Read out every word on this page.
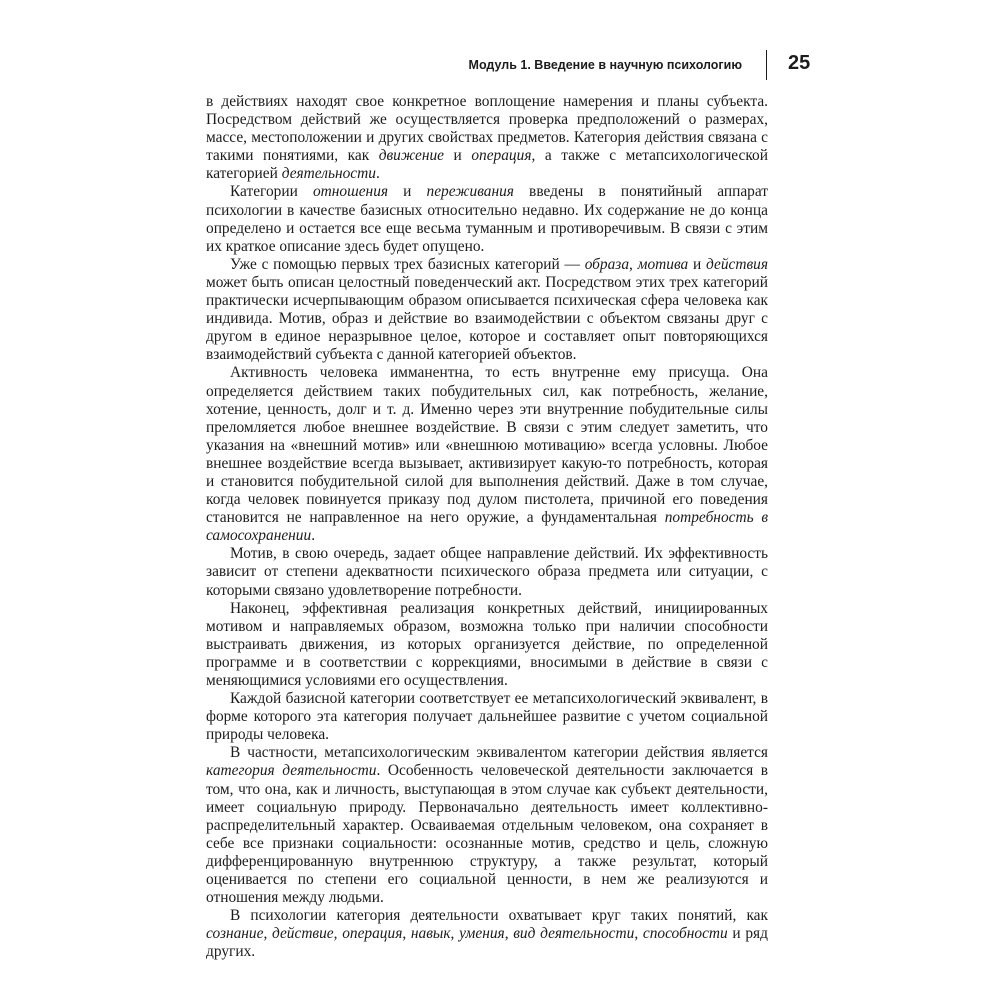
Модуль 1. Введение в научную психологию 25

в действиях находят свое конкретное воплощение намерения и планы субъекта. Посредством действий же осуществляется проверка предположений о размерах, массе, местоположении и других свойствах предметов. Категория действия связана с такими понятиями, как движение и операция, а также с метапсихологической категорией деятельности.

Категории отношения и переживания введены в понятийный аппарат психологии в качестве базисных относительно недавно. Их содержание не до конца определено и остается все еще весьма туманным и противоречивым. В связи с этим их краткое описание здесь будет опущено.

Уже с помощью первых трех базисных категорий — образа, мотива и действия может быть описан целостный поведенческий акт. Посредством этих трех категорий практически исчерпывающим образом описывается психическая сфера человека как индивида. Мотив, образ и действие во взаимодействии с объектом связаны друг с другом в единое неразрывное целое, которое и составляет опыт повторяющихся взаимодействий субъекта с данной категорией объектов.

Активность человека имманентна, то есть внутренне ему присуща. Она определяется действием таких побудительных сил, как потребность, желание, хотение, ценность, долг и т. д. Именно через эти внутренние побудительные силы преломляется любое внешнее воздействие. В связи с этим следует заметить, что указания на «внешний мотив» или «внешнюю мотивацию» всегда условны. Любое внешнее воздействие всегда вызывает, активизирует какую-то потребность, которая и становится побудительной силой для выполнения действий. Даже в том случае, когда человек повинуется приказу под дулом пистолета, причиной его поведения становится не направленное на него оружие, а фундаментальная потребность в самосохранении.

Мотив, в свою очередь, задает общее направление действий. Их эффективность зависит от степени адекватности психического образа предмета или ситуации, с которыми связано удовлетворение потребности.

Наконец, эффективная реализация конкретных действий, инициированных мотивом и направляемых образом, возможна только при наличии способности выстраивать движения, из которых организуется действие, по определенной программе и в соответствии с коррекциями, вносимыми в действие в связи с меняющимися условиями его осуществления.

Каждой базисной категории соответствует ее метапсихологический эквивалент, в форме которого эта категория получает дальнейшее развитие с учетом социальной природы человека.

В частности, метапсихологическим эквивалентом категории действия является категория деятельности. Особенность человеческой деятельности заключается в том, что она, как и личность, выступающая в этом случае как субъект деятельности, имеет социальную природу. Первоначально деятельность имеет коллективно-распределительный характер. Осваиваемая отдельным человеком, она сохраняет в себе все признаки социальности: осознанные мотив, средство и цель, сложную дифференцированную внутреннюю структуру, а также результат, который оценивается по степени его социальной ценности, в нем же реализуются и отношения между людьми.

В психологии категория деятельности охватывает круг таких понятий, как сознание, действие, операция, навык, умения, вид деятельности, способности и ряд других.
